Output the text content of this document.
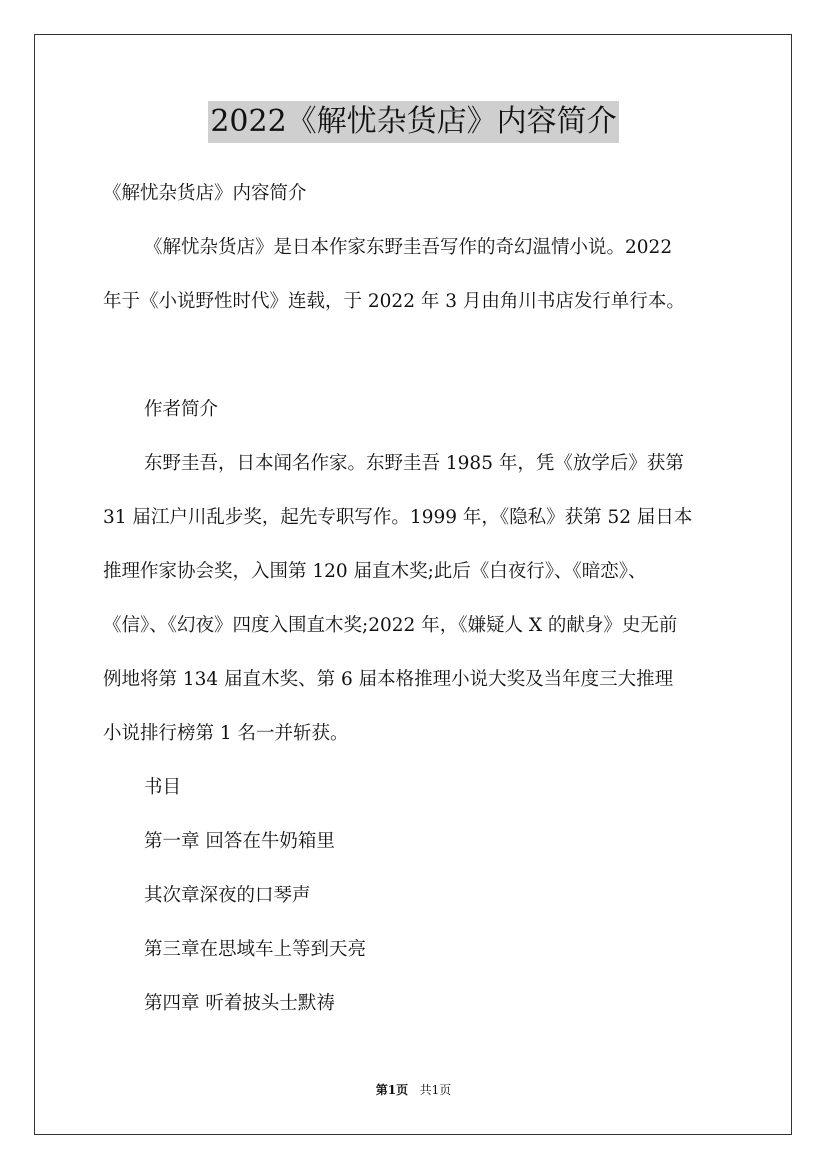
2022《解忧杂货店》内容简介
《解忧杂货店》内容简介
《解忧杂货店》是日本作家东野圭吾写作的奇幻温情小说。2022
年于《小说野性时代》连载，于 2022 年 3 月由角川书店发行单行本。
作者简介
东野圭吾，日本闻名作家。东野圭吾 1985 年，凭《放学后》获第
31 届江户川乱步奖，起先专职写作。1999 年，《隐私》获第 52 届日本
推理作家协会奖，入围第 120 届直木奖;此后《白夜行》、《暗恋》、
《信》、《幻夜》四度入围直木奖;2022 年，《嫌疑人 X 的献身》史无前
例地将第 134 届直木奖、第 6 届本格推理小说大奖及当年度三大推理
小说排行榜第 1 名一并斩获。
书目
第一章 回答在牛奶箱里
其次章深夜的口琴声
第三章在思域车上等到天亮
第四章 听着披头士默祷
第1页 共1页
